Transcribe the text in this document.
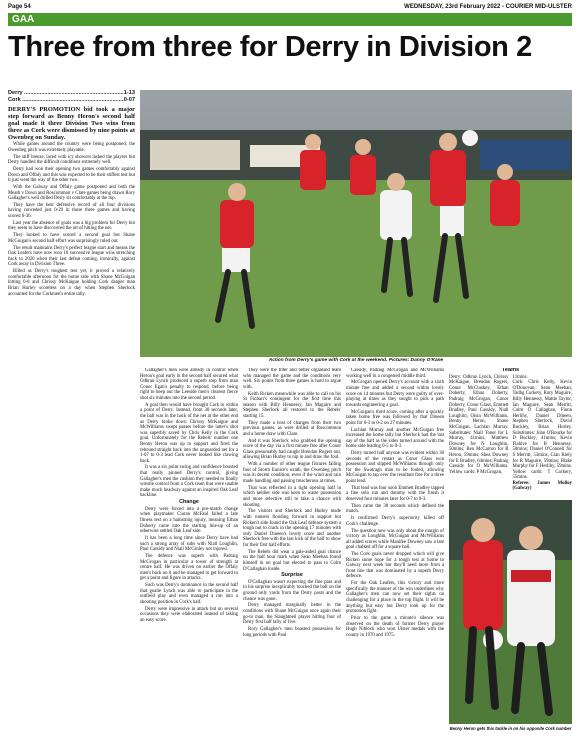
Page 54	WEDNESDAY, 23rd February 2022 - COURIER MID-ULSTER
GAA
Three from three for Derry in Division 2
Derry .....	1-13
Cork .....	0-07

DERRY'S PROMOTION bid took a major step forward as Benny Heron's second half goal made it three Division Two wins from three as Cork were dismissed by nine points at Owenbeg on Sunday.

While games around the country were being postponed, the Owenbeg pitch was extremely playable.

The stiff breeze, laced with icy showers lashed the players but Derry handled the difficult conditions extremely well.

Derry had won their opening two games comfortably against Down and Offaly and this was expected to be their stiffest test but it just went the way of the other two.

With the Galway and Offaly game postponed and both the Meath v Down and Roscommon v Clare games being drawn Rory Gallagher's well drilled Derry sit comfortably at the top.

They have the best defensive record of all four divisions having conceded just 0-20 in those three games and having scored 6-36.

Last year the absence of goals was a big problem for Derry but they seem to have discovered the art of hitting the net.

They looked to have scored a second goal but Shane McGuigan's second half effort was surprisingly ruled out.

The result maintains Derry's perfect league start and means the Oak Leafers have now won 10 successive league wins stretching back to 2020 when their last defeat coming, ironically, against Cork away in Division Three.

Billed as Derry's toughest test yet, it proved a relatively comfortable afternoon for the home side with Shane McGuigan hitting 0-8 and Chrissy McKaigue holding Cork danger man Brian Hurley scoreless on a day when Stephen Sherlock accounted for the Corkmen's entire tally.

Action from Derry's game with Cork at the weekend. Pictures: Danny O'Kane

Gallagher's men were already in control when Heron's goal early in the second half secured what Odhran Lynch produced a superb stop from man Conor Egan's penalty to respond, before being right to keep out the Leeside men's clearest fierce shot six minutes into the second period.

A goal then would have brought Cork to within a point of Derry. Instead, from 30 seconds later, the ball was in the back of the net at the other end as Derry broke down Chrissy McKaigue and McWilliams swept passes before the latter's shot was superbly saved by Chris Kelly in the Cork goal. Unfortunately for the Rebels' number one Benny Heron was up to support and fired the rebound straight back into the unguarded net for a 1-07 to 0-3 lead Cork never looked like clawing back.

It was a six point swing and confidence boosted that really pinned Derry's control, giving Gallagher's men the cushion they needed to finally wrestle control from a Cork team that were unable make much headway against an inspired Oak Leaf backline.

Change

Derry were forced into a pre-match change when playmaker Ciaran McFaul failed a late fitness test on a hamstring injury, meaning Ethan Doherty came into the starting line-up of an otherwise settled Oak Leaf side.

It has been a long time since Derry have had such a strong array of subs with Niall Loughlin, Paul Cassidy and Niall McGinley not injured.

The defence was superb with Padraig McGrogan in particular a tower of strength at centre half. He was driven on earlier the Offaly men's back on it and he managed to get forward to get a point and figure in attacks.

Such was Derry's dominance in the second half that goalie Lynch was able to participate in the outfield play and even managed a run into a shooting position in Cork's half.

Derry were impressive in attack but on several occasions they were elaborated instead of taking an easy score.

They were the fitter and better organised team who managed the game and the conditions very well. Six points from three games is hard to argue with.

Keith Ricken meanwhile was able to call on his St Finbarr's contingent for the first time this season with Billy Hennessy, Ian Maguire and Stephen Sherlock all restored to the Rebels' starting 15.

They made a host of changes from their two previous games, as were drilled at Roscommon and a home draw with Clare.

And it was Sherlock who grabbed the opening score of the day via a first minute free after Conor Glass presumably had caught Brendan Rogers out, allowing Brian Hurley to nip in and draw the foul.

With a number of other league fixtures falling foul of Storm Eunice's wrath, the Owenbeg pitch was in decent condition, even if the wind and rain made handling and passing treacherous at times.

That was reflected in a tight opening half in which neither side was keen to waste possession and more selective still to take a chance with shooting.

The visitors and Sherlock and Hurley made with runners flooding forward in support but Ricken's side found the Oak Leaf defence system a tough nut to crack in the opening 17 minutes with only Daniel Dineen's lovely score and another Sherlock free with the last kick of the half to show for their first half efforts.

The Rebels did wear a gale-aided goal chance on the half hour mark when Sean Meehan found himself in on goal but elected to pass to Colm O'Callaghan inside.

Surprise

O'Callaghan wasn't expecting the fine pass and in his surprise inexplicably touched the ball on the ground only yards from the Derry posts and the chance was gone.

Derry managed marginally better in the conditions with Shane McGuigan once again their go-to man, the Slaughtneil player hitting four of Derry first half tally of five.

Rory Gallagher's men boasted possession for long periods with Paul

Cassidy, Padraig McGrogan and McWilliams working well in a congested middle third.

McGrogan opened Derry's account with a sixth minute free and added a second within lovely score on 14 minutes but Derry were guilty of over-playing at times as they sought to pick a path towards engineering a goal.

McGuigan's third score, coming after a quickly taken home free was followed by that Dineen point for 0-3 to 0-2 on 27 minutes.

Lachlan Murray and another McGuigan free increased the home tally but Sherlock had the last say of the half as the sides turned around with the home side leading 0-5 to 0-3.

Derry turned half anyone was evident within 30 seconds of the restart as Conor Glass won possession and slipped McWilliams through only for the Swatragh man to be fouled, allowing McGuigan to tap over the resultant free for a three point lead.

That lead was four soon Emmett Bradley tapped a fine solo run and dummy with the finish it deserved four minutes later for 0-7 to 0-3.

Then came the 38 seconds which defined the match.

It confirmed Derry's superiority killed off Cork's challenge.

The question now was only about the margin of victory as Loughlin, McGuigan and McWilliams all added scores while Manifee Downey saw a late goal chalked off for a square ball.

The Cork goals never dropped which will give Ricken some hope for a tough test at home to Galway next week but they'll need more from a front line that was dominated by a superb Derry defence.

For the Oak Leafers, this victory and more specifically the manner of the win underlines why Gallagher's men can now set their sights on challenging for a place in the top flight. It will be anything but easy but Derry look up for the promotion fight.

Prior to the game a minute's silence was observed on the death of former Derry player Hugh Niblock who won Ulster medals with the county in 1970 and 1975.

Teams
Derry: Odhran Lynch, Chrissy McKaigue, Brendan Rogers, Conor McCluskey, Ethan Doherty, Ethan Doherty, Padraig McGrogan, Conor Doherty, Conor Glass, Emmett Bradley, Paul Cassidy, Niall Loughlin, Oisin McWilliams, Benny Heron, Shane McGuigan. Lachlan Murray. Substitutes: Niall Toner for L Murray, 41mins, Matthew Downey for N Loughlin, 50mins; Ben McCarron for B Heron, 59mins; Shea Downey for E Bradley, 64mins; Padraig Cassidy for O McWilliams. Yellow cards: P McGrogan,
11mins.
Cork: Chris Kelly, Kevin O'Donovan, Sean Meehan, Tadhg Corkery, Rory Maguire, Billy Hennessy, Mattie Taylor, Ian Maguire, Sean Merritt, Colm O Callaghan, Fionn Herlihy, Daniel Dineen, Stephen Sherlock, David Buckley, Brian Hurley. Substitutes: John O'Rourke for D Buckley, 41mins; Kevin Flahive for B Hennessy, 50mins; Daniel O'Connell for S Merritt, 53mins; Cian Kiely for R Maguire, 59mins; Blake Murphy for F Herlihy, 59mins. Yellow cards: T Corkery, 55mins.
Referee: James Molloy (Galway)
Benny Heron gets this tackle in on his opposite Cork number
